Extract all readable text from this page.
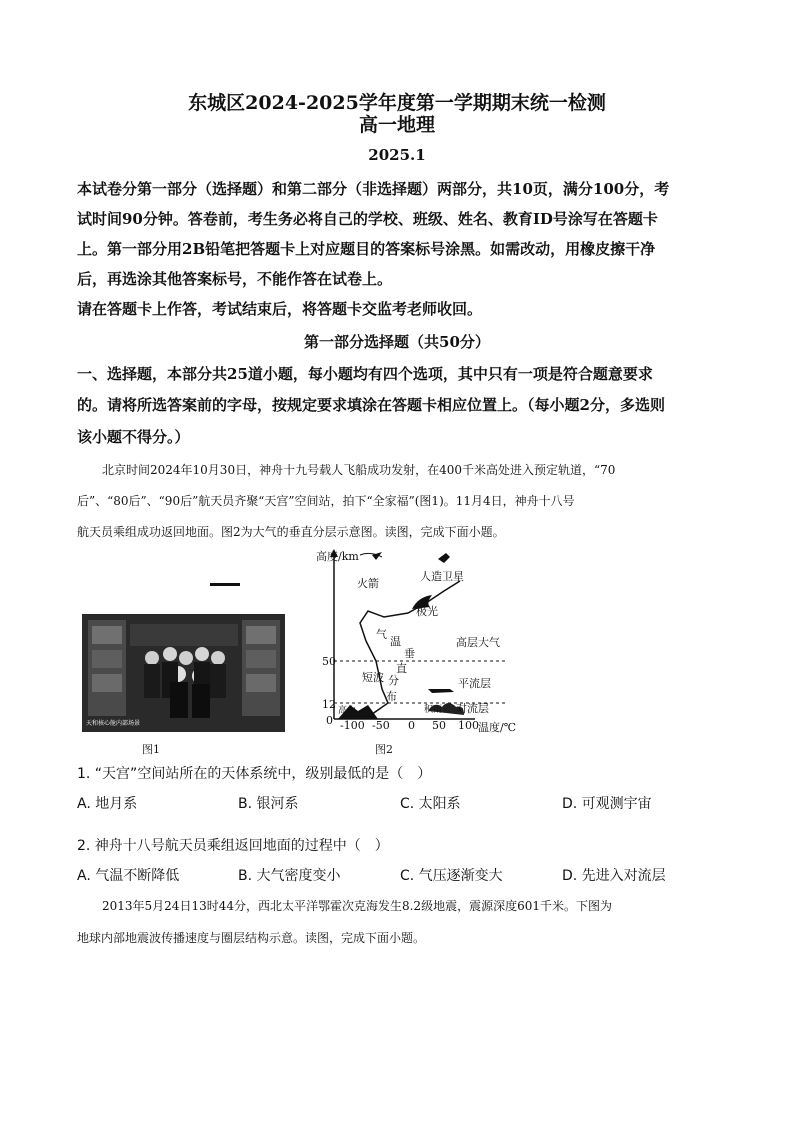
东城区2024-2025学年度第一学期期末统一检测
高一地理
2025.1
本试卷分第一部分（选择题）和第二部分（非选择题）两部分，共10页，满分100分，考
试时间90分钟。答卷前，考生务必将自己的学校、班级、姓名、教育ID号涂写在答题卡
上。第一部分用2B铅笔把答题卡上对应题目的答案标号涂黑。如需改动，用橡皮擦干净
后，再选涂其他答案标号，不能作答在试卷上。
请在答题卡上作答，考试结束后，将答题卡交监考老师收回。
第一部分选择题（共50分）
一、选择题，本部分共25道小题，每小题均有四个选项，其中只有一项是符合题意要求
的。请将所选答案前的字母，按规定要求填涂在答题卡相应位置上。（每小题2分，多选则
该小题不得分。）
北京时间2024年10月30日，神舟十九号载人飞船成功发射，在400千米高处进入预定轨道，“70
后”、“80后”、“90后”航天员齐聚“天宫”空间站，拍下“全家福”(图1)。11月4日，神舟十八号
航天员乘组成功返回地面。图2为大气的垂直分层示意图。读图，完成下面小题。
天和核心舱内部场景
图1
高度/km
火箭
人造卫星
极光
高层大气
平流层
对流层
高山	积雨云
短波
气
温
垂
直
分
布
50
12
0 -100 -50 0 50 100 温度/℃
图2
1. “天宫”空间站所在的天体系统中，级别最低的是（　）
A. 地月系	B. 银河系	C. 太阳系	D. 可观测宇宙
2. 神舟十八号航天员乘组返回地面的过程中（　）
A. 气温不断降低	B. 大气密度变小	C. 气压逐渐变大	D. 先进入对流层
2013年5月24日13时44分，西北太平洋鄂霍次克海发生8.2级地震，震源深度601千米。下图为
地球内部地震波传播速度与圈层结构示意。读图，完成下面小题。
